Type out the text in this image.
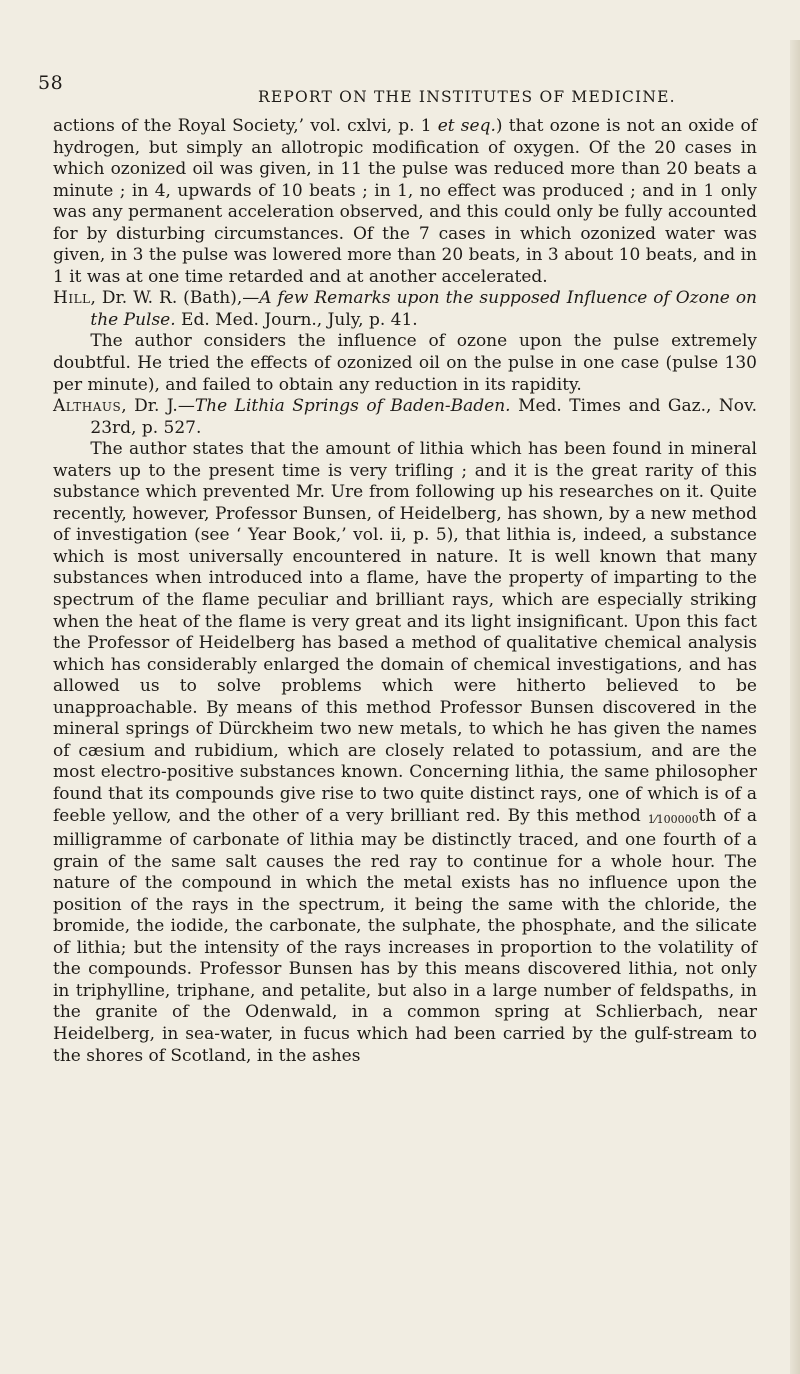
58
REPORT ON THE INSTITUTES OF MEDICINE.

actions of the Royal Society,’ vol. cxlvi, p. 1 et seq.) that ozone is not an oxide of hydrogen, but simply an allotropic modification of oxygen. Of the 20 cases in which ozonized oil was given, in 11 the pulse was reduced more than 20 beats a minute ; in 4, upwards of 10 beats ; in 1, no effect was produced ; and in 1 only was any permanent acceleration observed, and this could only be fully accounted for by disturbing circumstances. Of the 7 cases in which ozonized water was given, in 3 the pulse was lowered more than 20 beats, in 3 about 10 beats, and in 1 it was at one time retarded and at another accelerated.

Hill, Dr. W. R. (Bath),—A few Remarks upon the supposed Influence of Ozone on the Pulse. Ed. Med. Journ., July, p. 41.

The author considers the influence of ozone upon the pulse extremely doubtful. He tried the effects of ozonized oil on the pulse in one case (pulse 130 per minute), and failed to obtain any reduction in its rapidity.

Althaus, Dr. J.—The Lithia Springs of Baden-Baden. Med. Times and Gaz., Nov. 23rd, p. 527.

The author states that the amount of lithia which has been found in mineral waters up to the present time is very trifling ; and it is the great rarity of this substance which prevented Mr. Ure from following up his researches on it. Quite recently, however, Professor Bunsen, of Heidelberg, has shown, by a new method of investigation (see ‘ Year Book,’ vol. ii, p. 5), that lithia is, indeed, a substance which is most universally encountered in nature. It is well known that many substances when introduced into a flame, have the property of imparting to the spectrum of the flame peculiar and brilliant rays, which are especially striking when the heat of the flame is very great and its light insignificant. Upon this fact the Professor of Heidelberg has based a method of qualitative chemical analysis which has considerably enlarged the domain of chemical investigations, and has allowed us to solve problems which were hitherto believed to be unapproachable. By means of this method Professor Bunsen discovered in the mineral springs of Dürckheim two new metals, to which he has given the names of cæsium and rubidium, which are closely related to potassium, and are the most electro-positive substances known. Concerning lithia, the same philosopher found that its compounds give rise to two quite distinct rays, one of which is of a feeble yellow, and the other of a very brilliant red. By this method 1⁄100000th of a milligramme of carbonate of lithia may be distinctly traced, and one fourth of a grain of the same salt causes the red ray to continue for a whole hour. The nature of the compound in which the metal exists has no influence upon the position of the rays in the spectrum, it being the same with the chloride, the bromide, the iodide, the carbonate, the sulphate, the phosphate, and the silicate of lithia; but the intensity of the rays increases in proportion to the volatility of the compounds. Professor Bunsen has by this means discovered lithia, not only in triphylline, triphane, and petalite, but also in a large number of feldspaths, in the granite of the Odenwald, in a common spring at Schlierbach, near Heidelberg, in sea-water, in fucus which had been carried by the gulf-stream to the shores of Scotland, in the ashes
